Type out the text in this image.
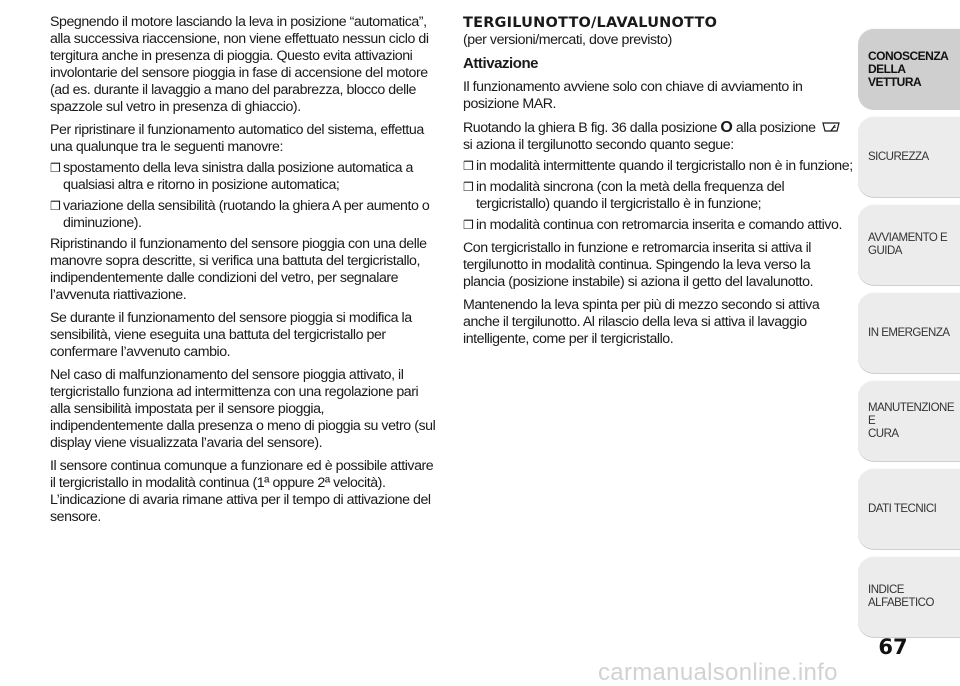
Spegnendo il motore lasciando la leva in posizione “automatica”, alla successiva riaccensione, non viene effettuato nessun ciclo di tergitura anche in presenza di pioggia. Questo evita attivazioni involontarie del sensore pioggia in fase di accensione del motore (ad es. durante il lavaggio a mano del parabrezza, blocco delle spazzole sul vetro in presenza di ghiaccio).

Per ripristinare il funzionamento automatico del sistema, effettua una qualunque tra le seguenti manovre:

❒ spostamento della leva sinistra dalla posizione automatica a qualsiasi altra e ritorno in posizione automatica;
❒ variazione della sensibilità (ruotando la ghiera A per aumento o diminuzione).

Ripristinando il funzionamento del sensore pioggia con una delle manovre sopra descritte, si verifica una battuta del tergicristallo, indipendentemente dalle condizioni del vetro, per segnalare l’avvenuta riattivazione.

Se durante il funzionamento del sensore pioggia si modifica la sensibilità, viene eseguita una battuta del tergicristallo per confermare l’avvenuto cambio.

Nel caso di malfunzionamento del sensore pioggia attivato, il tergicristallo funziona ad intermittenza con una regolazione pari alla sensibilità impostata per il sensore pioggia, indipendentemente dalla presenza o meno di pioggia su vetro (sul display viene visualizzata l’avaria del sensore).

Il sensore continua comunque a funzionare ed è possibile attivare il tergicristallo in modalità continua (1ª oppure 2ª velocità).

L’indicazione di avaria rimane attiva per il tempo di attivazione del sensore.

TERGILUNOTTO/LAVALUNOTTO

(per versioni/mercati, dove previsto)

Attivazione

Il funzionamento avviene solo con chiave di avviamento in posizione MAR.

Ruotando la ghiera B fig. 36 dalla posizione O alla posizione  si aziona il tergilunotto secondo quanto segue:

❒ in modalità intermittente quando il tergicristallo non è in funzione;
❒ in modalità sincrona (con la metà della frequenza del tergicristallo) quando il tergicristallo è in funzione;
❒ in modalità continua con retromarcia inserita e comando attivo.

Con tergicristallo in funzione e retromarcia inserita si attiva il tergilunotto in modalità continua. Spingendo la leva verso la plancia (posizione instabile) si aziona il getto del lavalunotto.

Mantenendo la leva spinta per più di mezzo secondo si attiva anche il tergilunotto. Al rilascio della leva si attiva il lavaggio intelligente, come per il tergicristallo.

CONOSCENZA
DELLA VETTURA
SICUREZZA
AVVIAMENTO E
GUIDA
IN EMERGENZA
MANUTENZIONE E
CURA
DATI TECNICI
INDICE ALFABETICO
67
carmanualsonline.info
